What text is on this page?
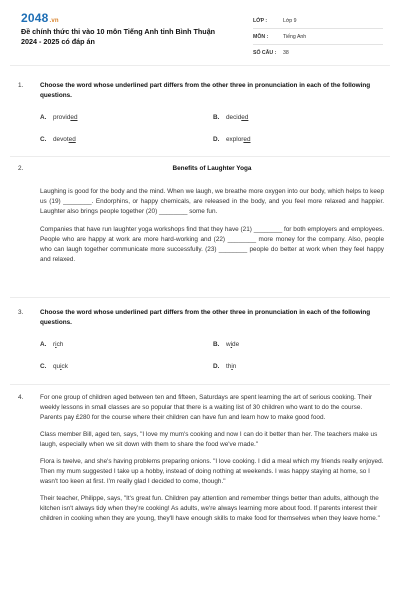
2048.vn
Đề chính thức thi vào 10 môn Tiếng Anh tỉnh Bình Thuận
2024 - 2025 có đáp án
LỚP :	Lớp 9
MÔN :	Tiếng Anh
SỐ CÂU :	38
1.	Choose the word whose underlined part differs from the other three in pronunciation in each of the following questions.
A. provided	B. decided
C. devoted	D. explored
2.	Benefits of Laughter Yoga

Laughing is good for the body and the mind. When we laugh, we breathe more oxygen into our body, which helps to keep us (19) ________. Endorphins, or happy chemicals, are released in the body, and you feel more relaxed and happier. Laughter also brings people together (20) ________ some fun.

Companies that have run laughter yoga workshops find that they have (21) ________ for both employers and employees. People who are happy at work are more hard-working and (22) ________ more money for the company. Also, people who can laugh together communicate more successfully. (23) ________ people do better at work when they feel happy and relaxed.

3.	Choose the word whose underlined part differs from the other three in pronunciation in each of the following questions.
A. rich	B. wide
C. quick	D. thin
4.	For one group of children aged between ten and fifteen, Saturdays are spent learning the art of serious cooking. Their weekly lessons in small classes are so popular that there is a waiting list of 30 children who want to do the course. Parents pay £280 for the course where their children can have fun and learn how to make good food.

Class member Bill, aged ten, says, "I love my mum's cooking and now I can do it better than her. The teachers make us laugh, especially when we sit down with them to share the food we've made."

Flora is twelve, and she's having problems preparing onions. "I love cooking. I did a meal which my friends really enjoyed. Then my mum suggested I take up a hobby, instead of doing nothing at weekends. I was happy staying at home, so I wasn't too keen at first. I'm really glad I decided to come, though."

Their teacher, Philippe, says, "It's great fun. Children pay attention and remember things better than adults, although the kitchen isn't always tidy when they're cooking! As adults, we're always learning more about food. If parents interest their children in cooking when they are young, they'll have enough skills to make food for themselves when they leave home."
